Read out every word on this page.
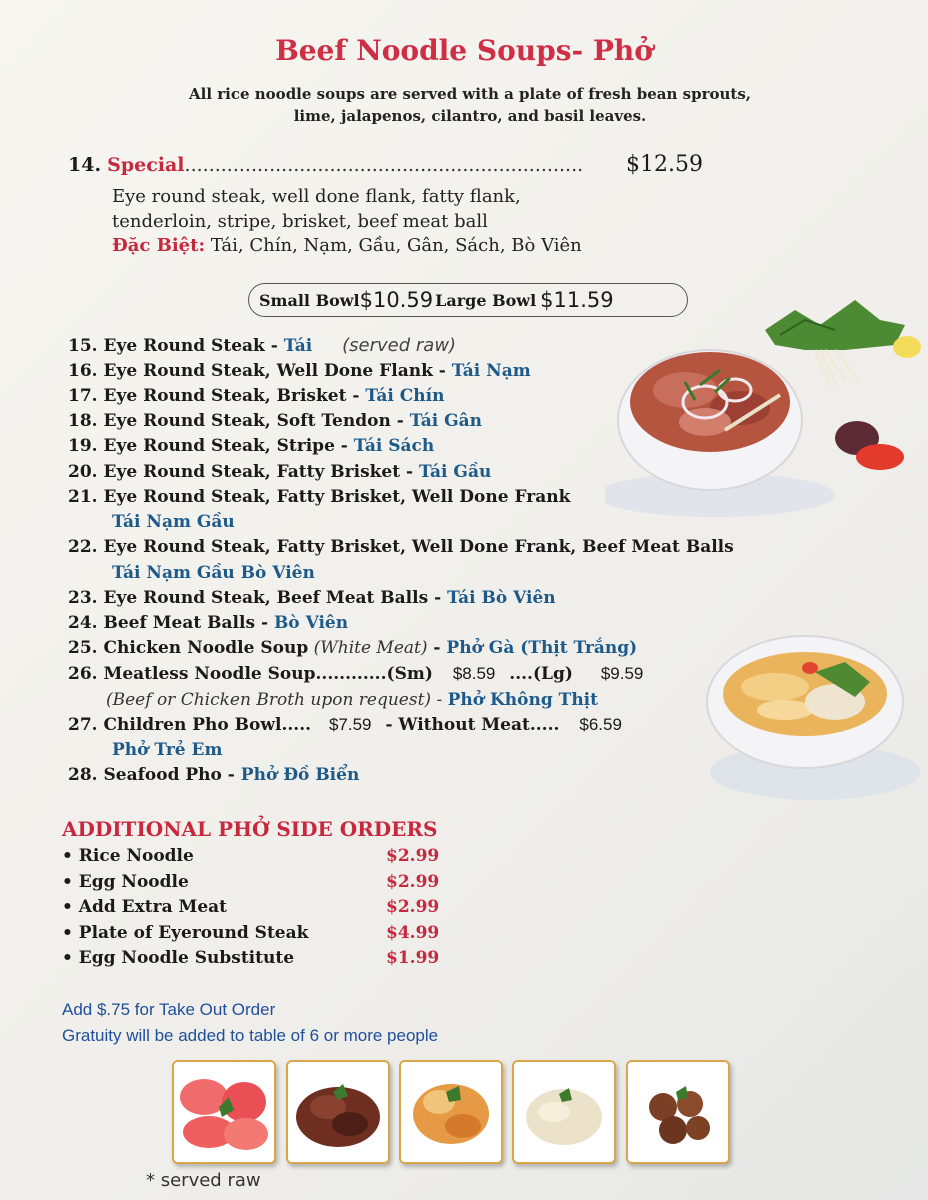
Beef Noodle Soups- Phở
All rice noodle soups are served with a plate of fresh bean sprouts,
lime, jalapenos, cilantro, and basil leaves.
14. Special.................................................................. $12.59
Eye round steak, well done flank, fatty flank,
tenderloin, stripe, brisket, beef meat ball
Đặc Biệt: Tái, Chín, Nạm, Gầu, Gân, Sách, Bò Viên
Small Bowl $10.59 Large Bowl $11.59
15. Eye Round Steak - Tái (served raw)
16. Eye Round Steak, Well Done Flank - Tái Nạm
17. Eye Round Steak, Brisket - Tái Chín
18. Eye Round Steak, Soft Tendon - Tái Gân
19. Eye Round Steak, Stripe - Tái Sách
20. Eye Round Steak, Fatty Brisket - Tái Gầu
21. Eye Round Steak, Fatty Brisket, Well Done Frank
Tái Nạm Gầu
22. Eye Round Steak, Fatty Brisket, Well Done Frank, Beef Meat Balls
Tái Nạm Gầu Bò Viên
23. Eye Round Steak, Beef Meat Balls - Tái Bò Viên
24. Beef Meat Balls - Bò Viên
25. Chicken Noodle Soup (White Meat) - Phở Gà (Thịt Trắng)
26. Meatless Noodle Soup............(Sm) $8.59 ....(Lg) $9.59
(Beef or Chicken Broth upon request) - Phở Không Thịt
27. Children Pho Bowl..... $7.59 - Without Meat..... $6.59
Phở Trẻ Em
28. Seafood Pho - Phở Đồ Biển
ADDITIONAL PHỞ SIDE ORDERS
• Rice Noodle	$2.99
• Egg Noodle	$2.99
• Add Extra Meat	$2.99
• Plate of Eyeround Steak	$4.99
• Egg Noodle Substitute	$1.99
Add $.75 for Take Out Order
Gratuity will be added to table of 6 or more people
* served raw
